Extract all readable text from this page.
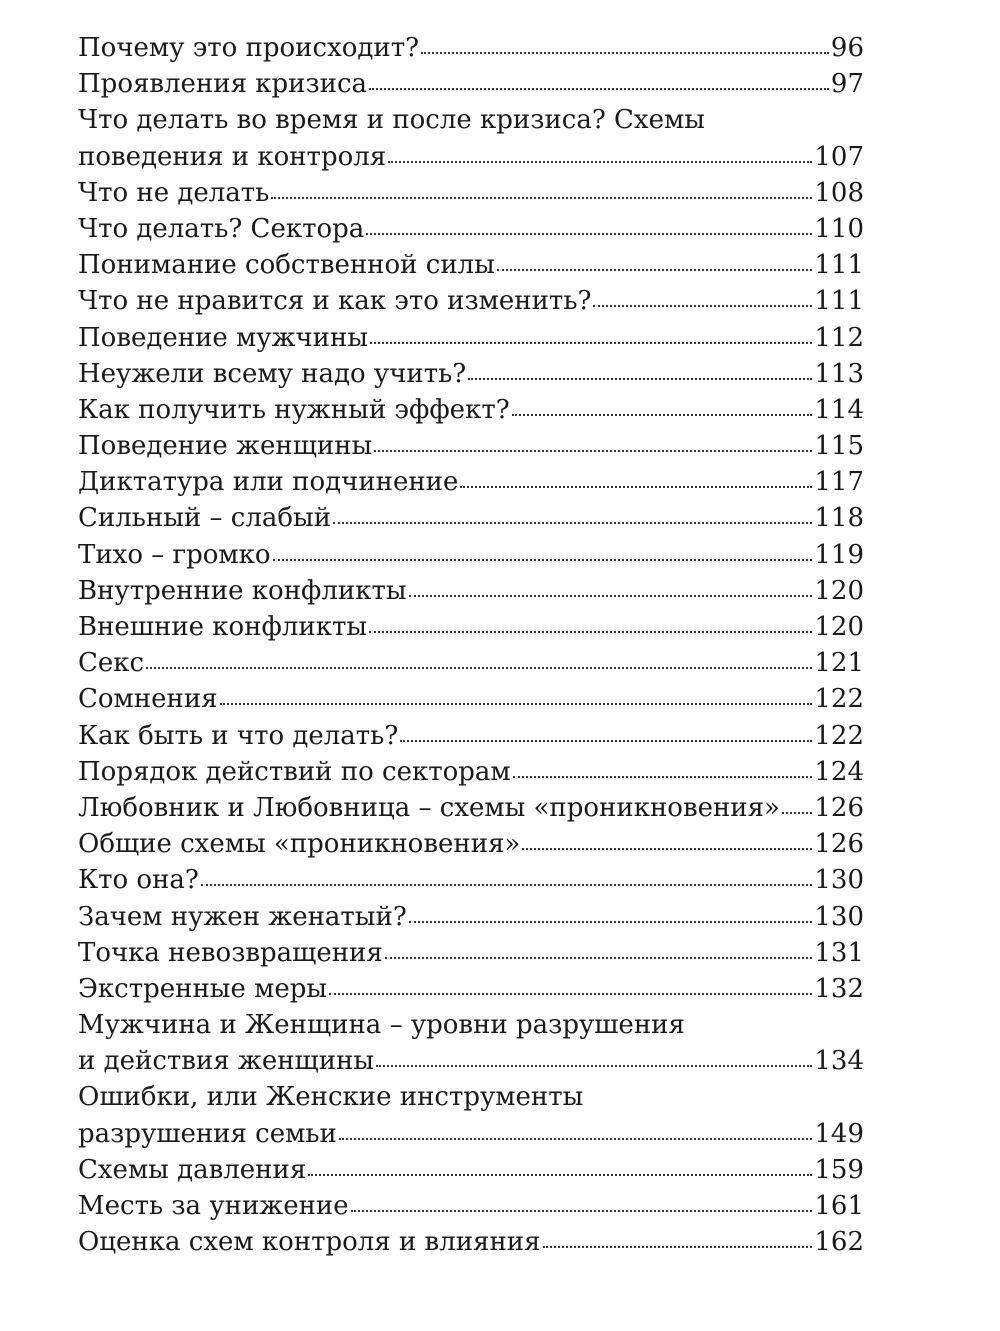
Почему это происходит?	96
Проявления кризиса	97
Что делать во время и после кризиса? Схемы
поведения и контроля	107
Что не делать	108
Что делать? Сектора	110
Понимание собственной силы	111
Что не нравится и как это изменить?	111
Поведение мужчины	112
Неужели всему надо учить?	113
Как получить нужный эффект?	114
Поведение женщины	115
Диктатура или подчинение	117
Сильный – слабый	118
Тихо – громко	119
Внутренние конфликты	120
Внешние конфликты	120
Секс	121
Сомнения	122
Как быть и что делать?	122
Порядок действий по секторам	124
Любовник и Любовница – схемы «проникновения» 126
Общие схемы «проникновения»	126
Кто она?	130
Зачем нужен женатый?	130
Точка невозвращения	131
Экстренные меры	132
Мужчина и Женщина – уровни разрушения
и действия женщины	134
Ошибки, или Женские инструменты
разрушения семьи	149
Схемы давления	159
Месть за унижение	161
Оценка схем контроля и влияния	162
